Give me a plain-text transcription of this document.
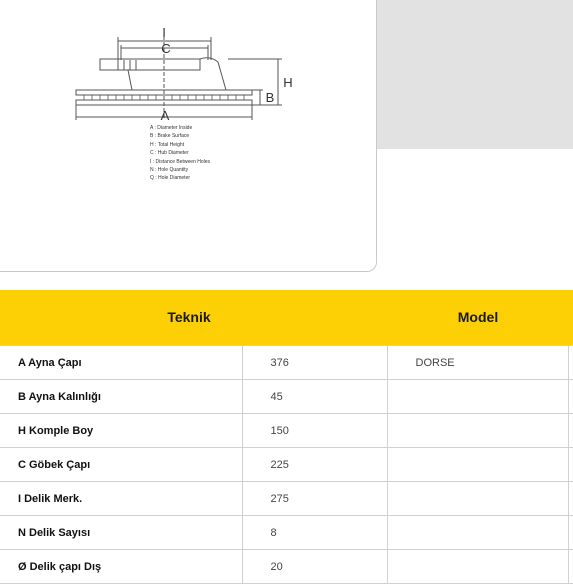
I
C
H
B
A
A : Diameter Inside
B : Brake Surface
H : Total Height
C : Hub Diameter
I : Distance Between Holes
N : Hole Quantity
Q : Hole Diameter
Teknik	Model
A Ayna Çapı	376	DORSE	
B Ayna Kalınlığı	45		
H Komple Boy	150		
C Göbek Çapı	225		
I Delik Merk.	275		
N Delik Sayısı	8		
Ø Delik çapı Dış	20		
